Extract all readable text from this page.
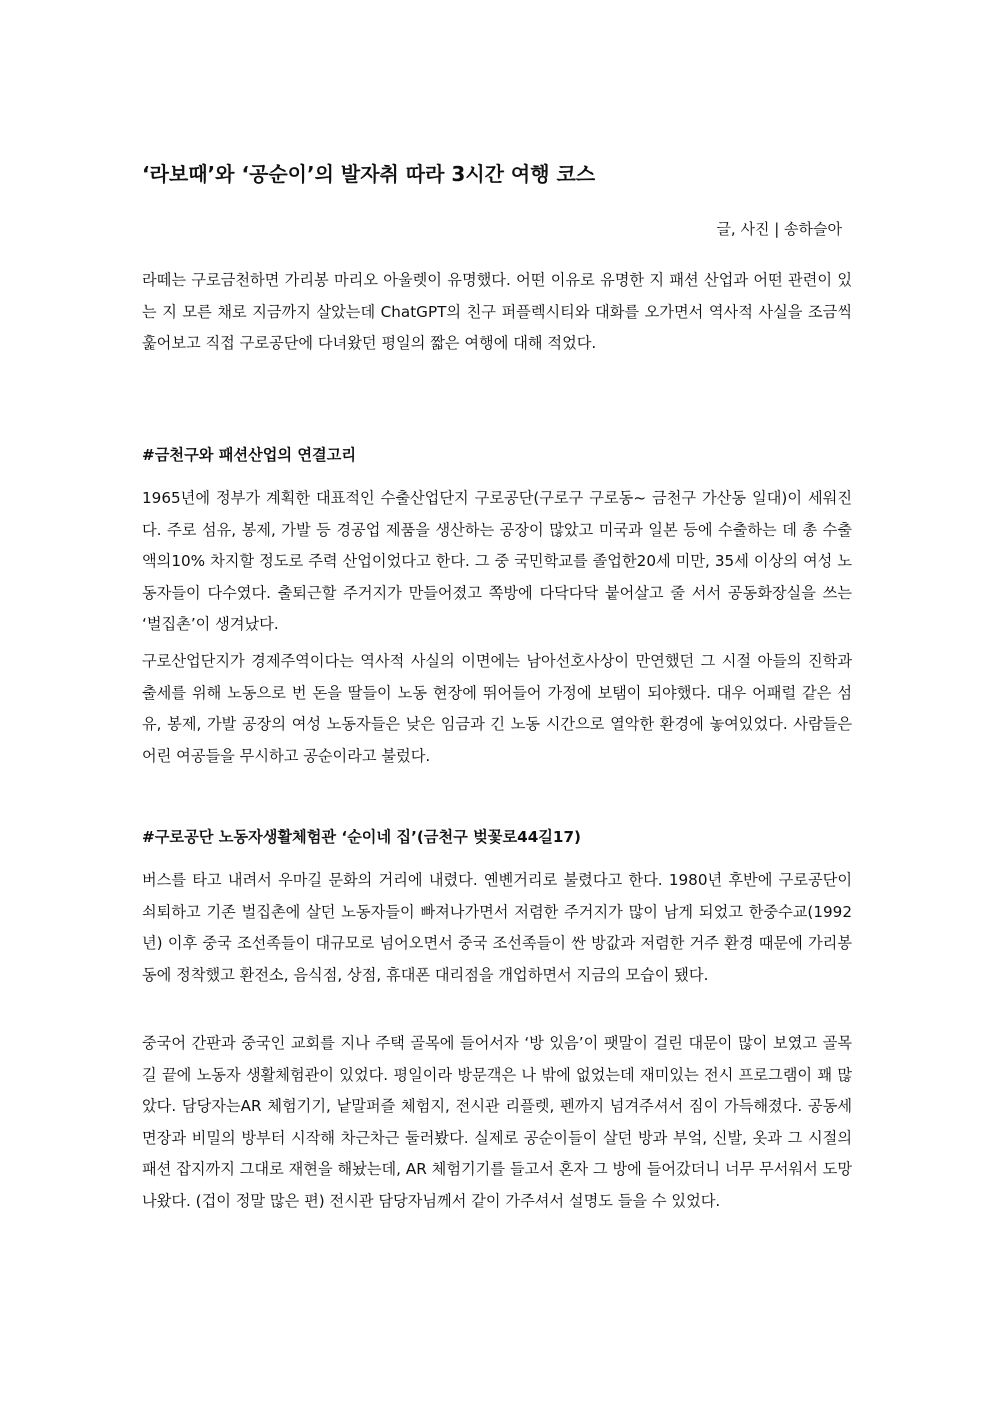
‘라보때’와 ‘공순이’의 발자취 따라 3시간 여행 코스

글, 사진 | 송하슬아

라떼는 구로금천하면 가리봉 마리오 아울렛이 유명했다. 어떤 이유로 유명한 지 패션 산업과 어떤 관련이 있는 지 모른 채로 지금까지 살았는데 ChatGPT의 친구 퍼플렉시티와 대화를 오가면서 역사적 사실을 조금씩 훑어보고 직접 구로공단에 다녀왔던 평일의 짧은 여행에 대해 적었다.

#금천구와 패션산업의 연결고리

1965년에 정부가 계획한 대표적인 수출산업단지 구로공단(구로구 구로동~ 금천구 가산동 일대)이 세워진다. 주로 섬유, 봉제, 가발 등 경공업 제품을 생산하는 공장이 많았고 미국과 일본 등에 수출하는 데 총 수출액의10% 차지할 정도로 주력 산업이었다고 한다. 그 중 국민학교를 졸업한20세 미만, 35세 이상의 여성 노동자들이 다수였다. 출퇴근할 주거지가 만들어졌고 쪽방에 다닥다닥 붙어살고 줄 서서 공동화장실을 쓰는 ‘벌집촌’이 생겨났다.

구로산업단지가 경제주역이다는 역사적 사실의 이면에는 남아선호사상이 만연했던 그 시절 아들의 진학과 출세를 위해 노동으로 번 돈을 딸들이 노동 현장에 뛰어들어 가정에 보탬이 되야했다. 대우 어패럴 같은 섬유, 봉제, 가발 공장의 여성 노동자들은 낮은 임금과 긴 노동 시간으로 열악한 환경에 놓여있었다. 사람들은 어린 여공들을 무시하고 공순이라고 불렀다.

#구로공단 노동자생활체험관 ‘순이네 집’(금천구 벚꽃로44길17)

버스를 타고 내려서 우마길 문화의 거리에 내렸다. 옌볜거리로 불렸다고 한다. 1980년 후반에 구로공단이 쇠퇴하고 기존 벌집촌에 살던 노동자들이 빠져나가면서 저렴한 주거지가 많이 남게 되었고 한중수교(1992년) 이후 중국 조선족들이 대규모로 넘어오면서 중국 조선족들이 싼 방값과 저렴한 거주 환경 때문에 가리봉동에 정착했고 환전소, 음식점, 상점, 휴대폰 대리점을 개업하면서 지금의 모습이 됐다.

중국어 간판과 중국인 교회를 지나 주택 골목에 들어서자 ‘방 있음’이 팻말이 걸린 대문이 많이 보였고 골목 길 끝에 노동자 생활체험관이 있었다. 평일이라 방문객은 나 밖에 없었는데 재미있는 전시 프로그램이 꽤 많았다. 담당자는AR 체험기기, 낱말퍼즐 체험지, 전시관 리플렛, 펜까지 넘겨주셔서 짐이 가득해졌다. 공동세면장과 비밀의 방부터 시작해 차근차근 둘러봤다. 실제로 공순이들이 살던 방과 부엌, 신발, 옷과 그 시절의 패션 잡지까지 그대로 재현을 해놨는데, AR 체험기기를 들고서 혼자 그 방에 들어갔더니 너무 무서워서 도망나왔다. (겁이 정말 많은 편) 전시관 담당자님께서 같이 가주셔서 설명도 들을 수 있었다.
